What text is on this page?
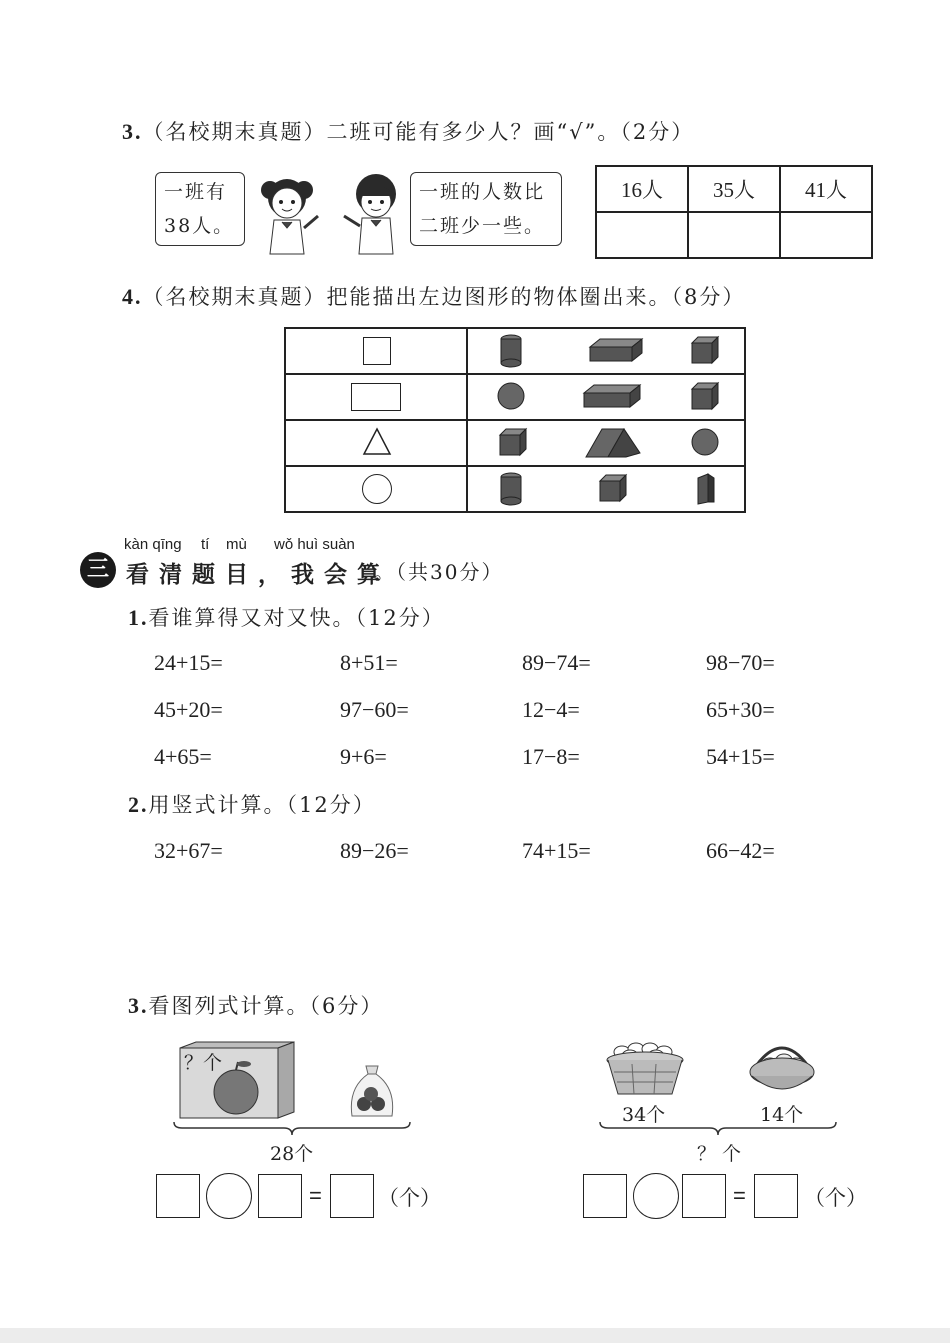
3.（名校期末真题）二班可能有多少人？画“√”。（2分）
一班有
38人。
一班的人数比
二班少一些。
16人	35人	41人

4.（名校期末真题）把能描出左边图形的物体圈出来。（8分）

三
kàn qīng tí mù wǒ huì suàn
看清题目，我会算
。（共30分）
1.看谁算得又对又快。（12分）
24+15=	8+51=	89−74=	98−70=
45+20=	97−60=	12−4=	65+30=
4+65=	9+6=	17−8=	54+15=
2.用竖式计算。（12分）
32+67=	89−26=	74+15=	66−42=
3.看图列式计算。（6分）
？个
28个
=	（个）
34个	14个
？ 个
=	（个）
